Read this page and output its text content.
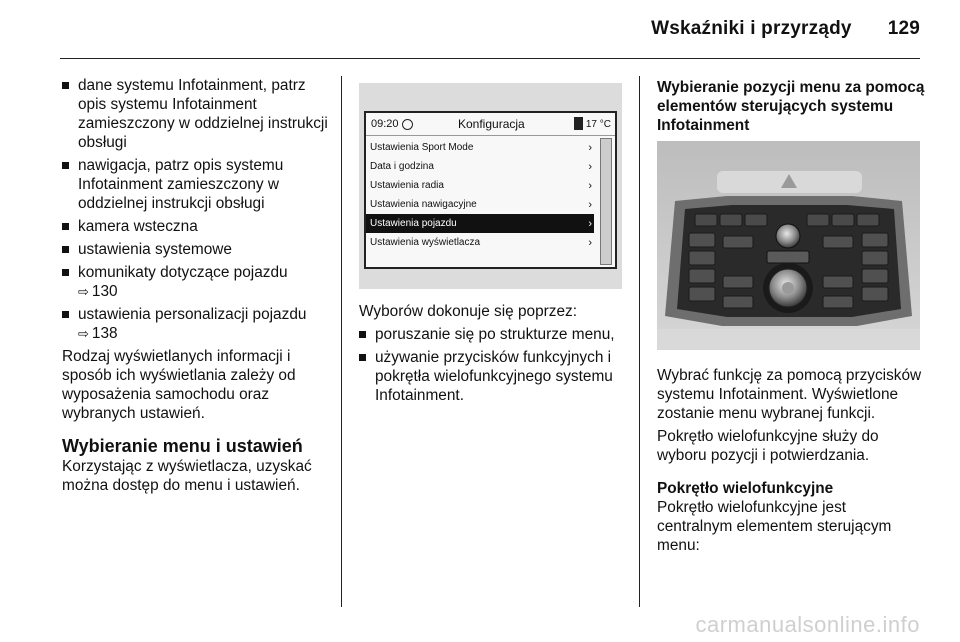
Wskaźniki i przyrządy 129
dane systemu Infotainment, patrz opis systemu Infotainment zamieszczony w oddzielnej instrukcji obsługi
nawigacja, patrz opis systemu Infotainment zamieszczony w oddzielnej instrukcji obsługi
kamera wsteczna
ustawienia systemowe
komunikaty dotyczące pojazdu
⇨ 130
ustawienia personalizacji pojazdu
⇨ 138

Rodzaj wyświetlanych informacji i sposób ich wyświetlania zależy od wyposażenia samochodu oraz wybranych ustawień.

Wybieranie menu i ustawień

Korzystając z wyświetlacza, uzyskać można dostęp do menu i ustawień.

09:20	Konfiguracja	17 °C
Ustawienia Sport Mode	›
Data i godzina	›
Ustawienia radia	›
Ustawienia nawigacyjne	›
Ustawienia pojazdu	›
Ustawienia wyświetlacza	›

Wyborów dokonuje się poprzez:

poruszanie się po strukturze menu,
używanie przycisków funkcyjnych i pokrętła wielofunkcyjnego systemu Infotainment.
Wybieranie pozycji menu za pomocą elementów sterujących systemu Infotainment

Wybrać funkcję za pomocą przycisków systemu Infotainment. Wyświetlone zostanie menu wybranej funkcji.

Pokrętło wielofunkcyjne służy do wyboru pozycji i potwierdzania.

Pokrętło wielofunkcyjne

Pokrętło wielofunkcyjne jest centralnym elementem sterującym menu:

carmanualsonline.info
